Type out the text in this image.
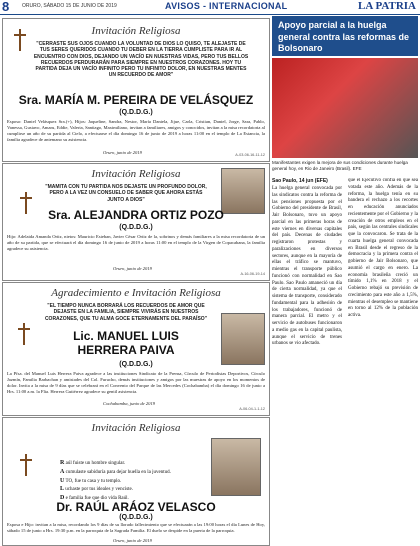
8	ORURO, SÁBADO 15 DE JUNIO DE 2019	AVISOS - INTERNACIONAL	LA PATRIA
Invitación Religiosa
"CERRASTE SUS OJOS CUANDO LA VOLUNTAD DE DIOS LO QUISO, TE ALEJASTE DE TUS SERES QUERIDOS CUANDO TU DEBER EN LA TIERRA CUMPLISTE PARA IR AL ENCUENTRO CON DIOS, DEJANDO UN VACÍO EN NUESTRAS VIDAS, PERO TUS BELLOS RECUERDOS PERDURARÁN PARA SIEMPRE EN NUESTROS CORAZONES. HOY TU PARTIDA DEJA UN VACÍO INFINITO PERO TU INFINITO DOLOR, EN NUESTRAS MENTES UN RECUERDO DE AMOR"
Sra. MARÍA M. PEREIRA DE VELÁSQUEZ
(Q.D.D.G.)
Esposo: Daniel Velásquez Sra.(+), Hijos: Jaqueline, Sandra, Nestor, María Daniela, Jijue, Carla, Cristian, Daniel, Jorge, Sara, Pablo, Vanessa, Gustavo, Amaru, Eddie, Valeria, Santiago, Maximiliano, invitan a familiares, amigos y conocidos, invitan a la misa recordatoria al cumplirse un año de su partida al Cielo, a efectuarse el día domingo 16 de junio de 2019 a horas 11:00 en el templo de La Estancia, la familia agradece de antemano su asistencia.
Oruro, junio de 2019	A-03-06-16-11-12
Invitación Religiosa
"MAMITA CON TU PARTIDA NOS DEJASTE UN PROFUNDO DOLOR, PERO A LA VEZ UN CONSUELO DE SABER QUE AHORA ESTÁS JUNTO A DIOS"
Sra. ALEJANDRA ORTIZ POZO
(Q.D.D.G.)
Hijo: Adelaida Amanda Ortiz, nietos: Mauricio Esteban, Javier César Ortiz de la, sobrinos y demás familiares a la misa recordatoria de un año de su partida, que se efectuará el día domingo 16 de junio de 2019 a horas 11:00 en el templo de la Virgen de Copacabana, la familia agradece su asistencia.
Oruro, junio de 2019
A-16-06-19-14
Agradecimiento e Invitación Religiosa
"EL TIEMPO NUNCA BORRARÁ LOS RECUERDOS DE AMOR QUE DEJASTE EN LA FAMILIA, SIEMPRE VIVIRÁS EN NUESTROS CORAZONES, QUE TU ALMA GOCE ETERNAMENTE DEL PARAÍSO"
Lic. MANUEL LUIS HERRERA PAIVA
(Q.D.D.G.)
La Pfsa. del Manuel Luis Herrera Paiva agradece a las instituciones Sindicato de la Prensa, Círculo de Periodistas Deportivos, Círculo Jazmín, Familia Barbachan y amistades del Col. Furucho, demás instituciones y amigos por las muestras de apoyo en los momentos de dolor. Invita a la misa de 9 días que se celebrará en el Convento del Parque de las Mercedes (Cochabamba) el día domingo 16 de junio a Hrs. 11:00 a.m. la Flia. Herrera Gutiérrez agradece su gentil asistencia.
Cochabamba, junio de 2019
A-06-04-1-1-12
Invitación Religiosa
Dr. RAÚL ARÁOZ VELASCO
(Q.D.D.G.)
Esposa e Hijo: invitan a la misa, recordando los 9 días de su llorado fallecimiento que se efectuarán a las 19:00 horas el día Lunes de Hoy, sábado 15 de junio a Hrs. 19:30 p.m. en la parroquia de la Sagrada Familia. El duelo se despide en la puerta de la parroquia.
Oruro, junio de 2019
R aúl fuiste un hombre singular.
A cumulaste sabiduría para dejar huella en la juventud.
U TO, fue tu casa y tu templo.
L uchaste por tus ideales y venciste.
D e familia fue que dio vida Raúl.
Apoyo parcial a la huelga general contra las reformas de Bolsonaro
Manifestantes exigen la mejora de sus condiciones durante huelga general hoy, en Rio de Janeiro (Brasil). EFE
Sao Paulo, 14 jun (EFE)
La huelga general convocada por las sindicatos contra la reforma de las pensiones propuesta por el Gobierno del presidente de Brasil, Jair Bolsonaro, tuvo un apoyo parcial en las primeras horas de este viernes en diversas capitales del país. Decenas de ciudades registraron protestas y paralizaciones en diversos sectores, aunque en la mayoría de ellas el tráfico se mantuvo, mientras el transporte público funcionó con normalidad en Sao Paulo. Sao Paulo amaneció un día de cierta normalidad, ya que el sistema de transporte, considerado fundamental para la adhesión de los trabajadores, funcionó de manera parcial. El metro y el servicio de autobuses funcionaron a medio gas en la capital paulista, aunque el servicio de trenes urbanos se vio afectado.
que el Ejecutivo confía en que sea votada este año. Además de la reforma, la huelga tenía en su bandera el rechazo a los recortes en educación anunciados recientemente por el Gobierno y la creación de otros empleos en el país, según las centrales sindicales que la convocaron. Se trata de la cuarta huelga general convocada en Brasil desde el regreso de la democracia y la primera contra el gobierno de Jair Bolsonaro, que asumió el cargo en enero. La economía brasileña creció un tímido 1,1% en 2018 y el Gobierno rebajó su previsión de crecimiento para este año a 1,5%, mientras el desempleo se mantiene en torno al 12% de la población activa.
